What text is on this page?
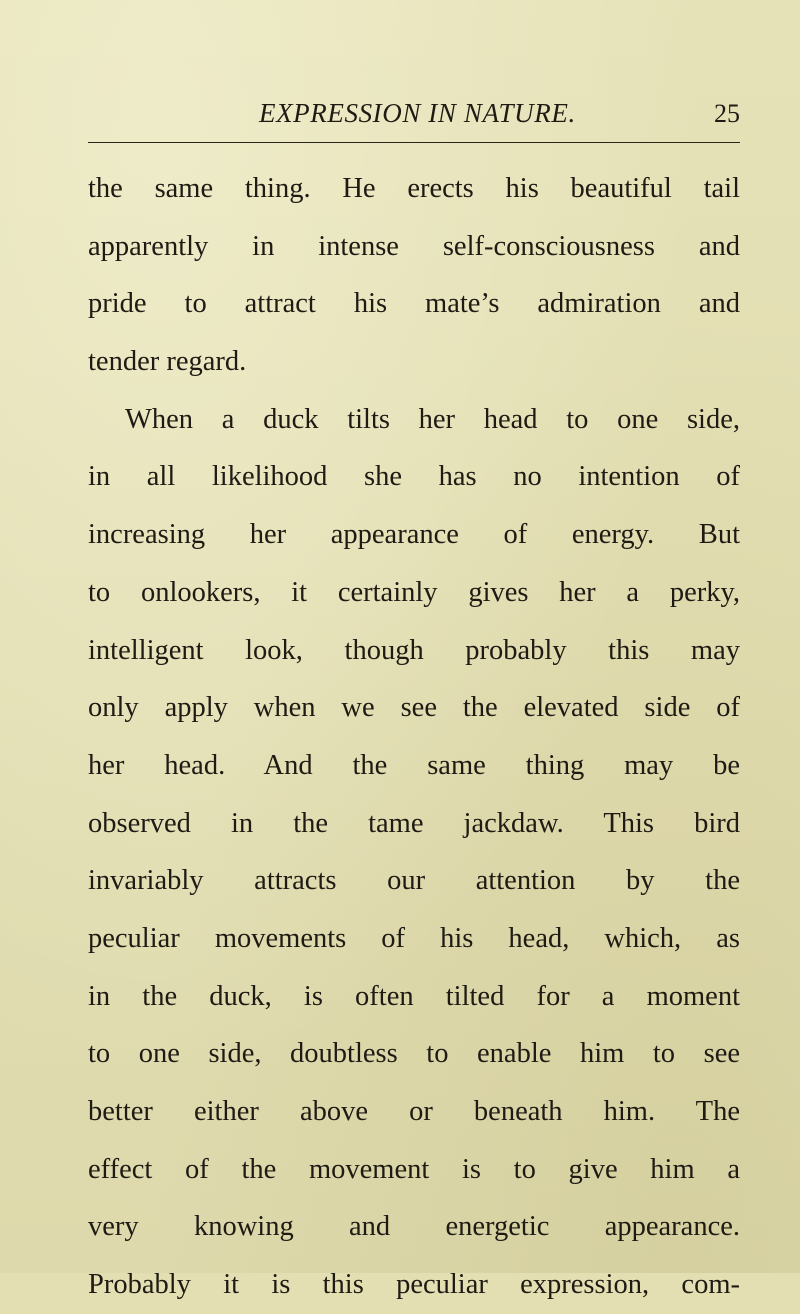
EXPRESSION IN NATURE.	25
the same thing. He erects his beautiful tail
apparently in intense self-consciousness and
pride to attract his mate’s admiration and
tender regard.
When a duck tilts her head to one side,
in all likelihood she has no intention of
increasing her appearance of energy. But
to onlookers, it certainly gives her a perky,
intelligent look, though probably this may
only apply when we see the elevated side of
her head. And the same thing may be
observed in the tame jackdaw. This bird
invariably attracts our attention by the
peculiar movements of his head, which, as
in the duck, is often tilted for a moment
to one side, doubtless to enable him to see
better either above or beneath him. The
effect of the movement is to give him a
very knowing and energetic appearance.
Probably it is this peculiar expression, com-
